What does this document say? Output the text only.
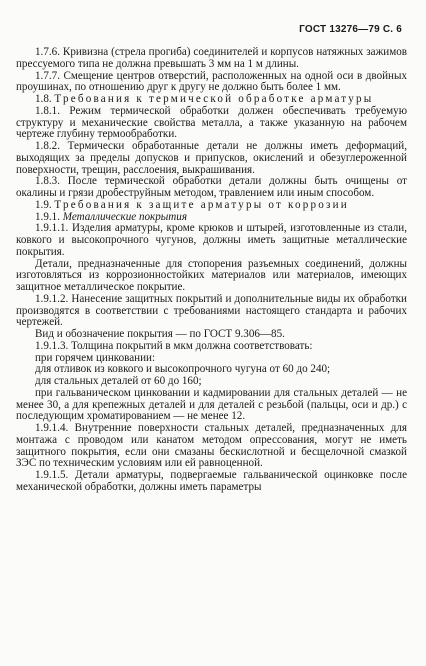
ГОСТ 13276—79 С. 6

1.7.6. Кривизна (стрела прогиба) соединителей и корпусов натяжных зажимов прессуемого типа не должна превышать 3 мм на 1 м длины.

1.7.7. Смещение центров отверстий, расположенных на одной оси в двойных проушинах, по отношению друг к другу не должно быть более 1 мм.

1.8. Требования к термической обработке арматуры

1.8.1. Режим термической обработки должен обеспечивать требуемую структуру и механические свойства металла, а также указанную на рабочем чертеже глубину термообработки.

1.8.2. Термически обработанные детали не должны иметь деформаций, выходящих за пределы допусков и припусков, окислений и обезуглероженной поверхности, трещин, расслоения, выкрашивания.

1.8.3. После термической обработки детали должны быть очищены от окалины и грязи дробеструйным методом, травлением или иным способом.

1.9. Требования к защите арматуры от коррозии

1.9.1. Металлические покрытия

1.9.1.1. Изделия арматуры, кроме крюков и штырей, изготовленные из стали, ковкого и высокопрочного чугунов, должны иметь защитные металлические покрытия.

Детали, предназначенные для стопорения разъемных соединений, должны изготовляться из коррозионностойких материалов или материалов, имеющих защитное металлическое покрытие.

1.9.1.2. Нанесение защитных покрытий и дополнительные виды их обработки производятся в соответствии с требованиями настоящего стандарта и рабочих чертежей.

Вид и обозначение покрытия — по ГОСТ 9.306—85.

1.9.1.3. Толщина покрытий в мкм должна соответствовать:

при горячем цинковании:

для отливок из ковкого и высокопрочного чугуна от 60 до 240;

для стальных деталей от 60 до 160;

при гальваническом цинковании и кадмировании для стальных деталей — не менее 30, а для крепежных деталей и для деталей с резьбой (пальцы, оси и др.) с последующим хроматированием — не менее 12.

1.9.1.4. Внутренние поверхности стальных деталей, предназначенных для монтажа с проводом или канатом методом опрессования, могут не иметь защитного покрытия, если они смазаны бескислотной и бесщелочной смазкой ЗЭС по техническим условиям или ей равноценной.

1.9.1.5. Детали арматуры, подвергаемые гальванической оцинковке после механической обработки, должны иметь параметры
